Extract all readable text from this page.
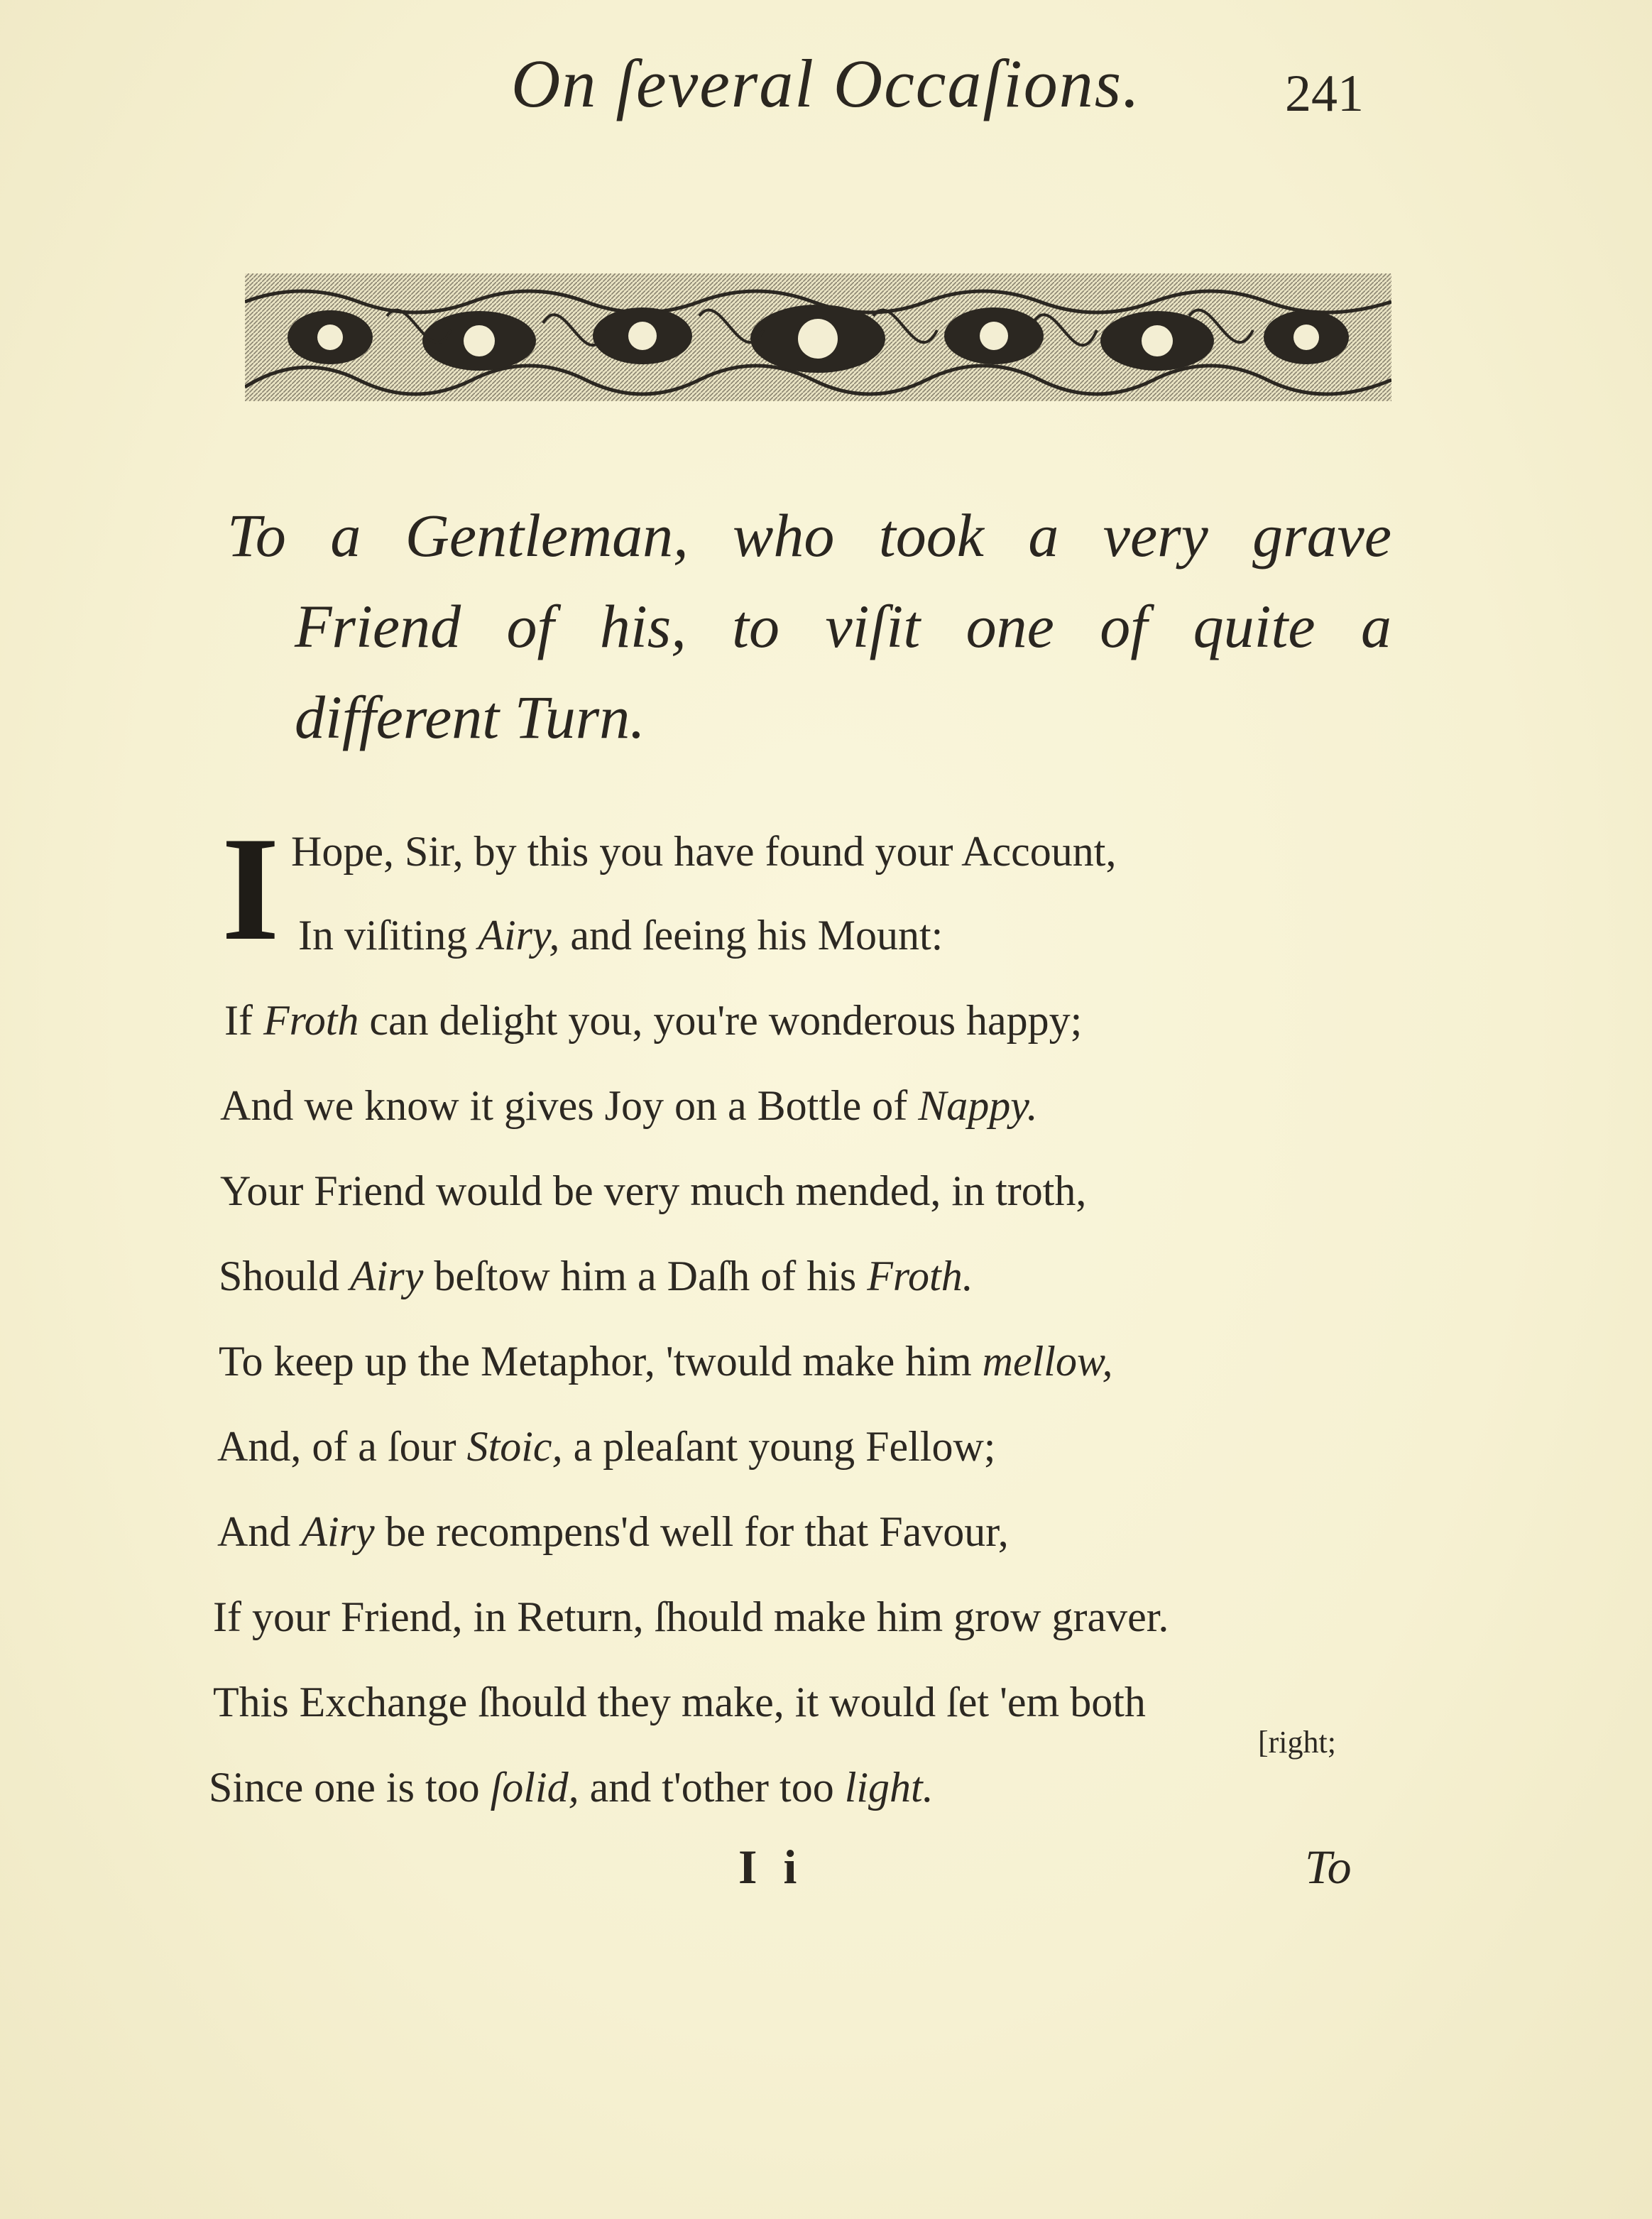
On ſeveral Occaſions.	241
To a Gentleman, who took a very grave
Friend of his, to viſit one of quite a
different Turn.
I Hope, Sir, by this you have found your Account,
In viſiting Airy, and ſeeing his Mount:
If Froth can delight you, you're wonderous happy;
And we know it gives Joy on a Bottle of Nappy.
Your Friend would be very much mended, in troth,
Should Airy beſtow him a Daſh of his Froth.
To keep up the Metaphor, 'twould make him mellow,
And, of a ſour Stoic, a pleaſant young Fellow;
And Airy be recompens'd well for that Favour,
If your Friend, in Return, ſhould make him grow graver.
This Exchange ſhould they make, it would ſet 'em both
Since one is too ſolid, and t'other too light.
[right;
I i	To
